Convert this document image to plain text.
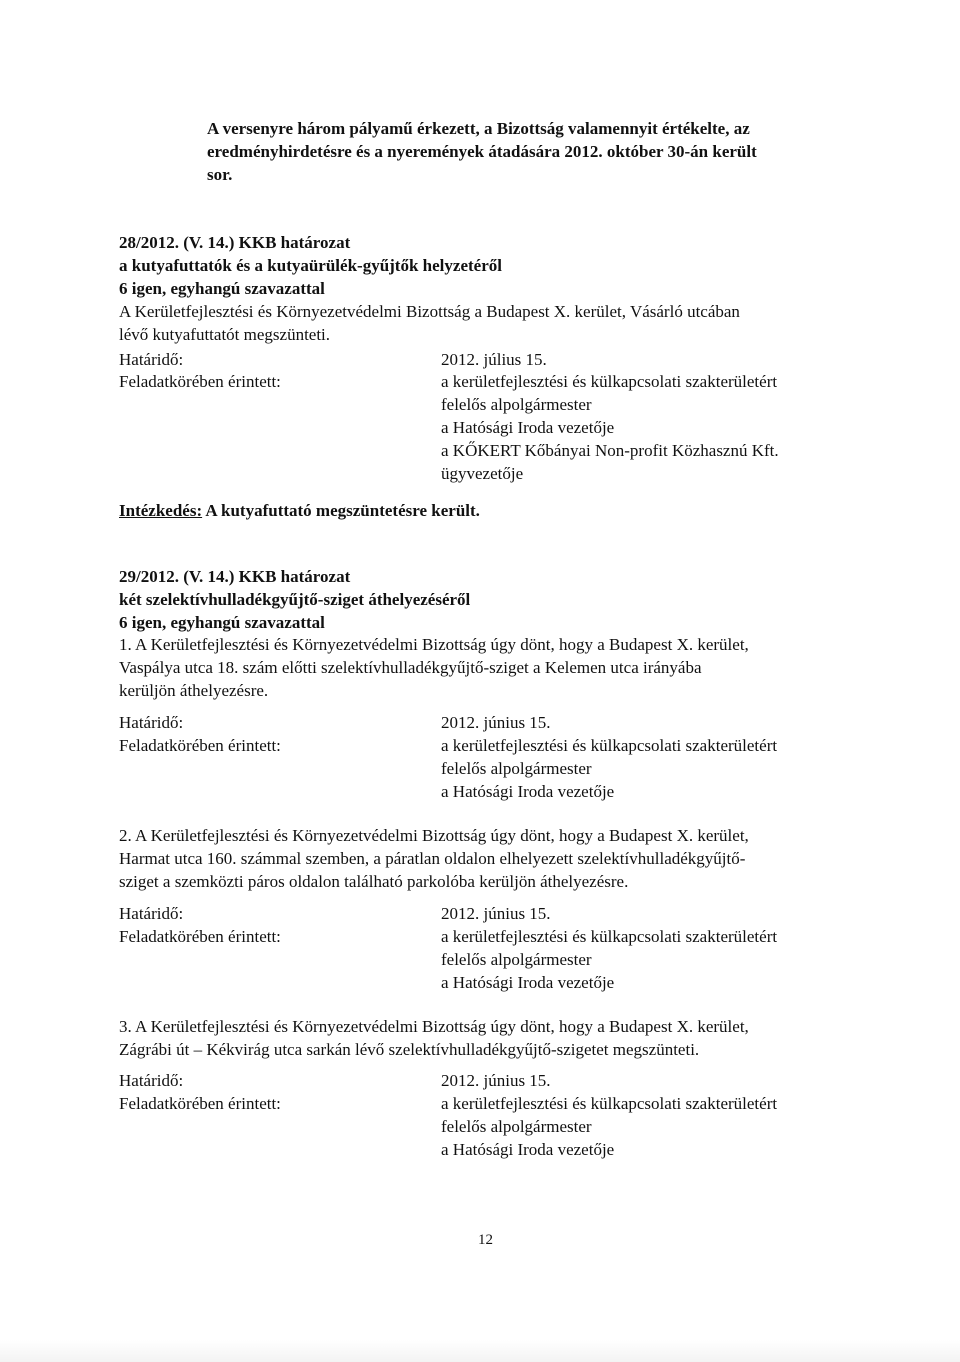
A versenyre három pályamű érkezett, a Bizottság valamennyit értékelte, az
eredményhirdetésre és a nyeremények átadására 2012. október 30-án került
sor.
28/2012. (V. 14.) KKB határozat
a kutyafuttatók és a kutyaürülék-gyűjtők helyzetéről
6 igen, egyhangú szavazattal
A Kerületfejlesztési és Környezetvédelmi Bizottság a Budapest X. kerület, Vásárló utcában
lévő kutyafuttatót megszünteti.
Határidő:	2012. július 15.
Feladatkörében érintett:	a kerületfejlesztési és külkapcsolati szakterületért
felelős alpolgármester
a Hatósági Iroda vezetője
a KŐKERT Kőbányai Non-profit Közhasznú Kft.
ügyvezetője
Intézkedés: A kutyafuttató megszüntetésre került.
29/2012. (V. 14.) KKB határozat
két szelektívhulladékgyűjtő-sziget áthelyezéséről
6 igen, egyhangú szavazattal
1. A Kerületfejlesztési és Környezetvédelmi Bizottság úgy dönt, hogy a Budapest X. kerület,
Vaspálya utca 18. szám előtti szelektívhulladékgyűjtő-sziget a Kelemen utca irányába
kerüljön áthelyezésre.
Határidő:	2012. június 15.
Feladatkörében érintett:	a kerületfejlesztési és külkapcsolati szakterületért
felelős alpolgármester
a Hatósági Iroda vezetője
2. A Kerületfejlesztési és Környezetvédelmi Bizottság úgy dönt, hogy a Budapest X. kerület,
Harmat utca 160. számmal szemben, a páratlan oldalon elhelyezett szelektívhulladékgyűjtő-
sziget a szemközti páros oldalon található parkolóba kerüljön áthelyezésre.
Határidő:	2012. június 15.
Feladatkörében érintett:	a kerületfejlesztési és külkapcsolati szakterületért
felelős alpolgármester
a Hatósági Iroda vezetője
3. A Kerületfejlesztési és Környezetvédelmi Bizottság úgy dönt, hogy a Budapest X. kerület,
Zágrábi út – Kékvirág utca sarkán lévő szelektívhulladékgyűjtő-szigetet megszünteti.
Határidő:	2012. június 15.
Feladatkörében érintett:	a kerületfejlesztési és külkapcsolati szakterületért
felelős alpolgármester
a Hatósági Iroda vezetője
12
